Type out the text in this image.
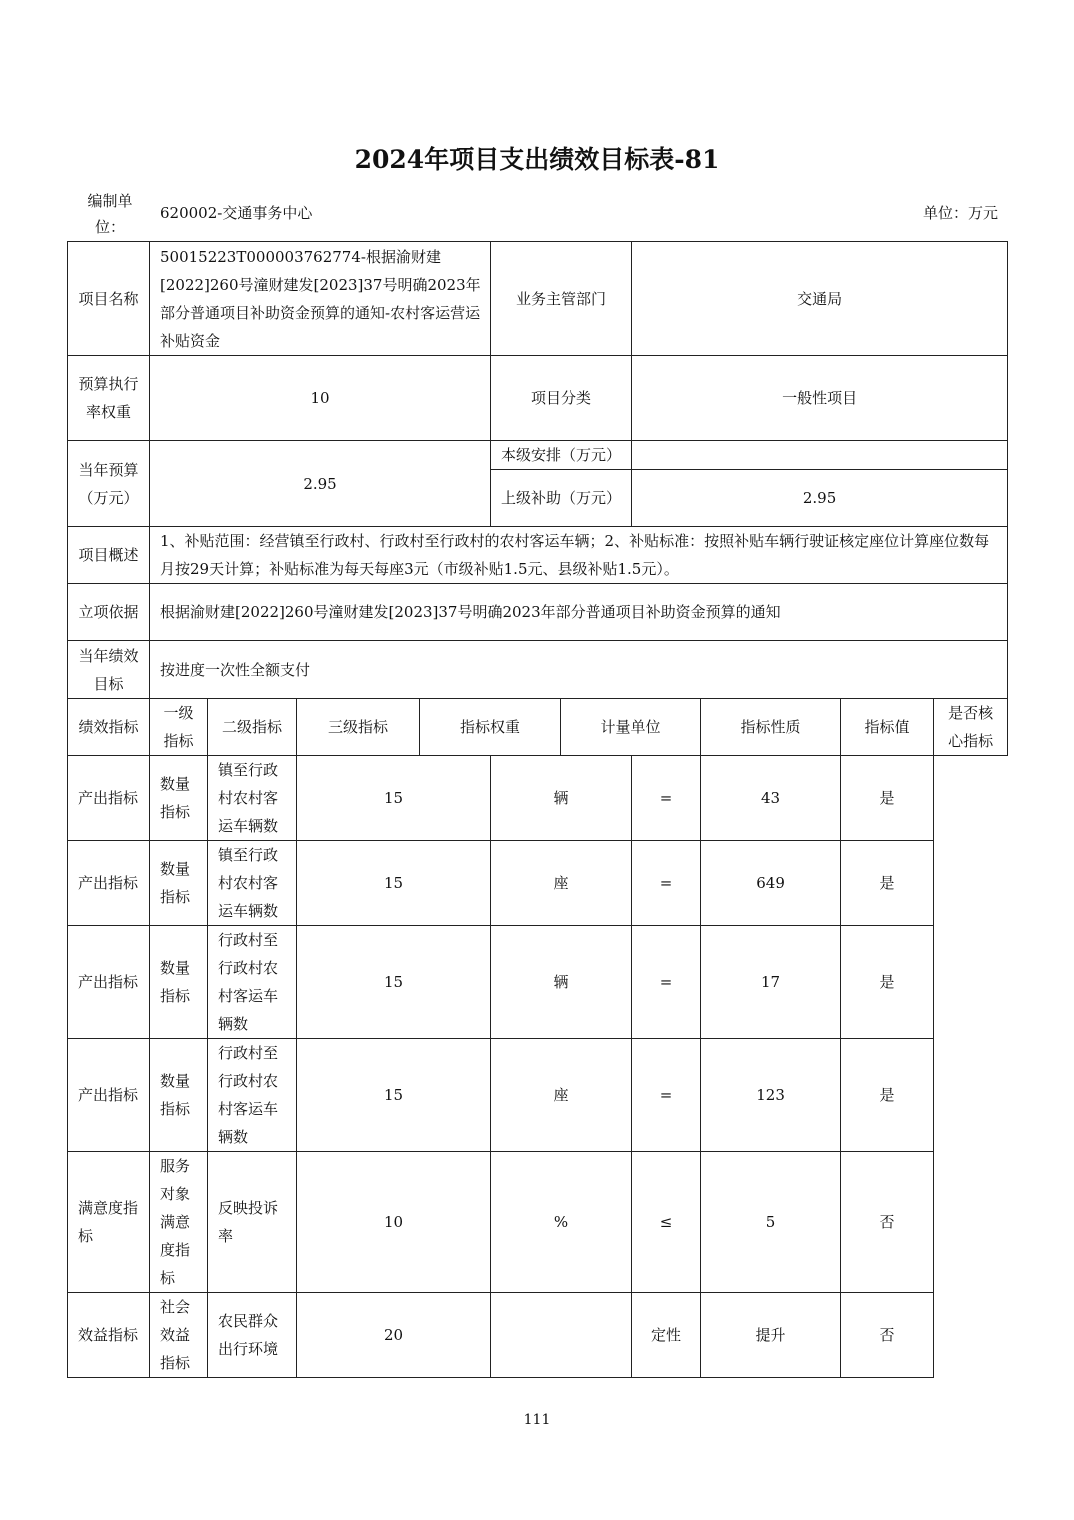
2024年项目支出绩效目标表-81
编制单位：
620002-交通事务中心	单位：万元
项目名称	50015223T000003762774-根据渝财建[2022]260号潼财建发[2023]37号明确2023年部分普通项目补助资金预算的通知-农村客运营运补贴资金				业务主管部门		交通局			
预算执行率权重	10				项目分类		一般性项目			
当年预算（万元）	2.95				本级安排（万元）					
					上级补助（万元）		2.95			
项目概述	1、补贴范围：经营镇至行政村、行政村至行政村的农村客运车辆；2、补贴标准：按照补贴车辆行驶证核定座位计算座位数每月按29天计算；补贴标准为每天每座3元（市级补贴1.5元、县级补贴1.5元）。									
立项依据	根据渝财建[2022]260号潼财建发[2023]37号明确2023年部分普通项目补助资金预算的通知									
当年绩效目标	按进度一次性全额支付									
绩效指标	一级指标	二级指标	三级指标	指标权重		计量单位		指标性质	指标值	是否核心指标
产出指标	数量指标	镇至行政村农村客运车辆数	15		辆		=	43	是	
产出指标	数量指标	镇至行政村农村客运车辆数	15		座		=	649	是	
产出指标	数量指标	行政村至行政村农村客运车辆数	15		辆		=	17	是	
产出指标	数量指标	行政村至行政村农村客运车辆数	15		座		=	123	是	
满意度指标	服务对象满意度指标	反映投诉率	10		%		≤	5	否	
效益指标	社会效益指标	农民群众出行环境	20				定性	提升	否	
111
